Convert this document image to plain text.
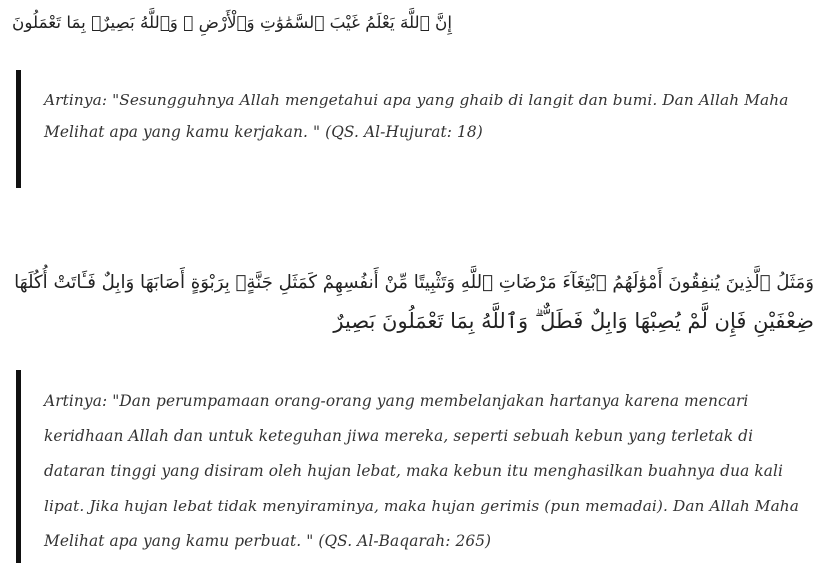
إِنَّ ٱللَّهَ يَعْلَمُ غَيْبَ ٱلسَّمَٰوَٰتِ وَٱلْأَرْضِ ۚ وَٱللَّهُ بَصِيرٌۢ بِمَا تَعْمَلُونَ

Artinya: "Sesungguhnya Allah mengetahui apa yang ghaib di langit dan bumi. Dan Allah Maha
Melihat apa yang kamu kerjakan. " (QS. Al-Hujurat: 18)

وَمَثَلُ ٱلَّذِينَ يُنفِقُونَ أَمْوَٰلَهُمُ ٱبْتِغَآءَ مَرْضَاتِ ٱللَّهِ وَتَثْبِيتًا مِّنْ أَنفُسِهِمْ كَمَثَلِ جَنَّةٍۭ بِرَبْوَةٍ أَصَابَهَا وَابِلٌ فَـَٔاتَتْ أُكُلَهَا
ضِعْفَيْنِ فَإِن لَّمْ يُصِبْهَا وَابِلٌ فَطَلٌّ ۗ وَٱللَّهُ بِمَا تَعْمَلُونَ بَصِيرٌ

Artinya: "Dan perumpamaan orang-orang yang membelanjakan hartanya karena mencari
keridhaan Allah dan untuk keteguhan jiwa mereka, seperti sebuah kebun yang terletak di
dataran tinggi yang disiram oleh hujan lebat, maka kebun itu menghasilkan buahnya dua kali
lipat. Jika hujan lebat tidak menyiraminya, maka hujan gerimis (pun memadai). Dan Allah Maha
Melihat apa yang kamu perbuat. " (QS. Al-Baqarah: 265)
